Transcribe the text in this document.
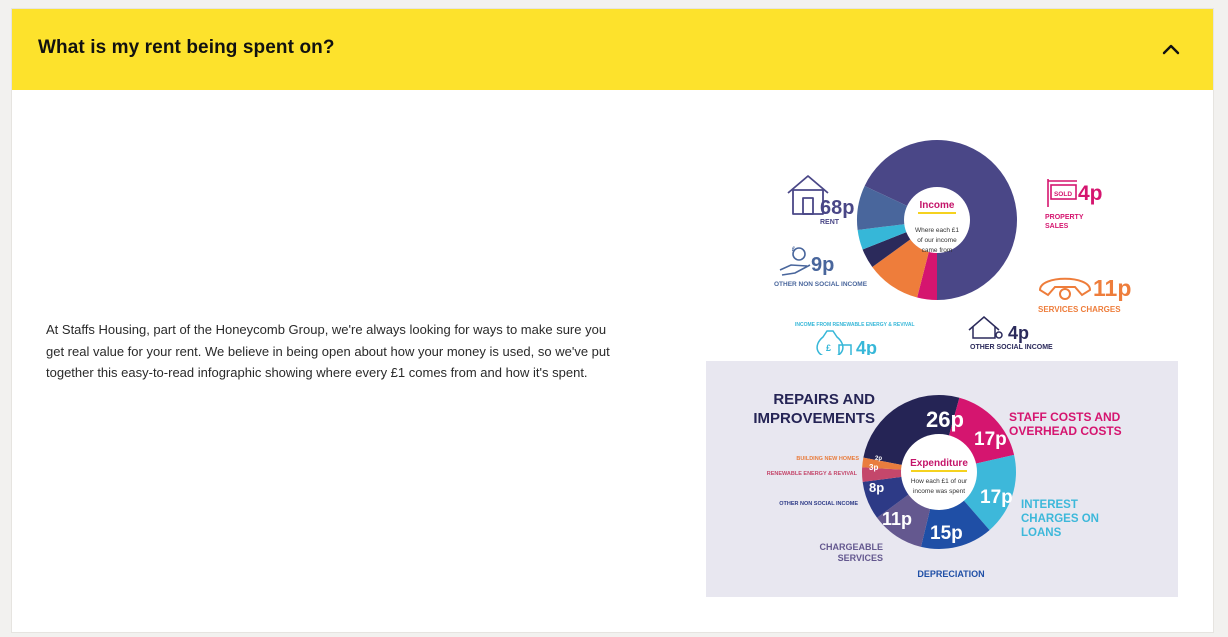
What is my rent being spent on?

At Staffs Housing, part of the Honeycomb Group, we're always looking for ways to make sure you get real value for your rent. We believe in being open about how your money is used, so we've put together this easy-to-read infographic showing where every £1 comes from and how it's spent.

Income
Where each £1
of our income
came from
68p
RENT
£
9p
OTHER NON SOCIAL INCOME
SOLD 4p
PROPERTY
SALES
11p
SERVICES CHARGES
INCOME FROM RENEWABLE ENERGY & REVIVAL
£ 4p
4p
OTHER SOCIAL INCOME
Expenditure
How each £1 of our
income was spent
26p
17p
17p
15p
11p
8p
3p
2p
REPAIRS AND
IMPROVEMENTS	STAFF COSTS AND
OVERHEAD COSTS
INTEREST
CHARGES ON
LOANS
DEPRECIATION
CHARGEABLE
SERVICES
OTHER NON SOCIAL INCOME
RENEWABLE ENERGY & REVIVAL
BUILDING NEW HOMES
